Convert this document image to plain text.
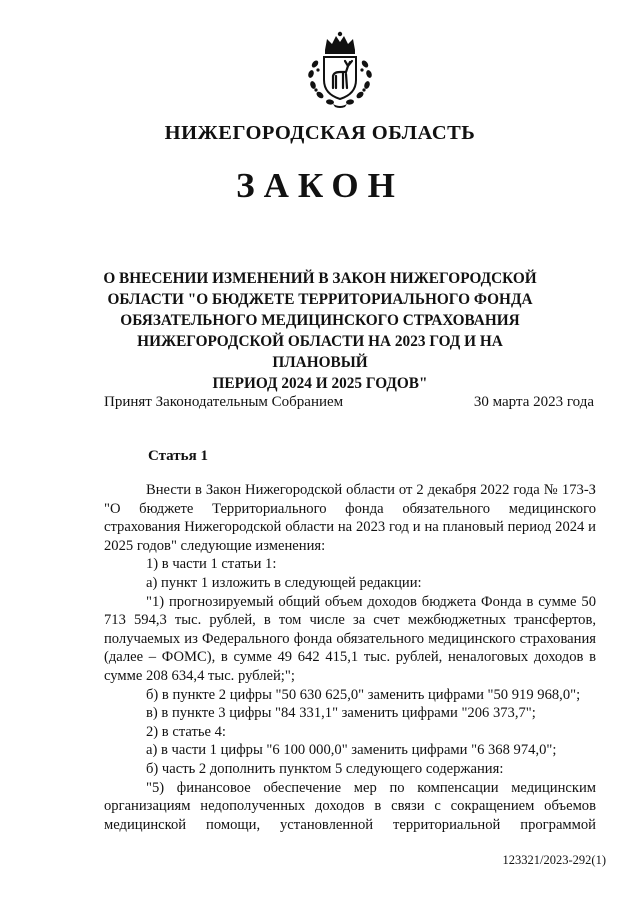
НИЖЕГОРОДСКАЯ ОБЛАСТЬ
ЗАКОН
О ВНЕСЕНИИ ИЗМЕНЕНИЙ В ЗАКОН НИЖЕГОРОДСКОЙ
ОБЛАСТИ "О БЮДЖЕТЕ ТЕРРИТОРИАЛЬНОГО ФОНДА
ОБЯЗАТЕЛЬНОГО МЕДИЦИНСКОГО СТРАХОВАНИЯ
НИЖЕГОРОДСКОЙ ОБЛАСТИ НА 2023 ГОД И НА ПЛАНОВЫЙ
ПЕРИОД 2024 И 2025 ГОДОВ"
Принят Законодательным Собранием	30 марта 2023 года
Статья 1

Внести в Закон Нижегородской области от 2 декабря 2022 года № 173-З "О бюджете Территориального фонда обязательного медицинского страхования Нижегородской области на 2023 год и на плановый период 2024 и 2025 годов" следующие изменения:

1) в части 1 статьи 1:

а) пункт 1 изложить в следующей редакции:

"1) прогнозируемый общий объем доходов бюджета Фонда в сумме 50 713 594,3 тыс. рублей, в том числе за счет межбюджетных трансфертов, получаемых из Федерального фонда обязательного медицинского страхования (далее – ФОМС), в сумме 49 642 415,1 тыс. рублей, неналоговых доходов в сумме 208 634,4 тыс. рублей;";

б) в пункте 2 цифры "50 630 625,0" заменить цифрами "50 919 968,0";

в) в пункте 3 цифры "84 331,1" заменить цифрами "206 373,7";

2) в статье 4:

а) в части 1 цифры "6 100 000,0" заменить цифрами "6 368 974,0";

б) часть 2 дополнить пунктом 5 следующего содержания:

"5) финансовое обеспечение мер по компенсации медицинским организациям недополученных доходов в связи с сокращением объемов медицинской помощи, установленной территориальной программой

123321/2023-292(1)
